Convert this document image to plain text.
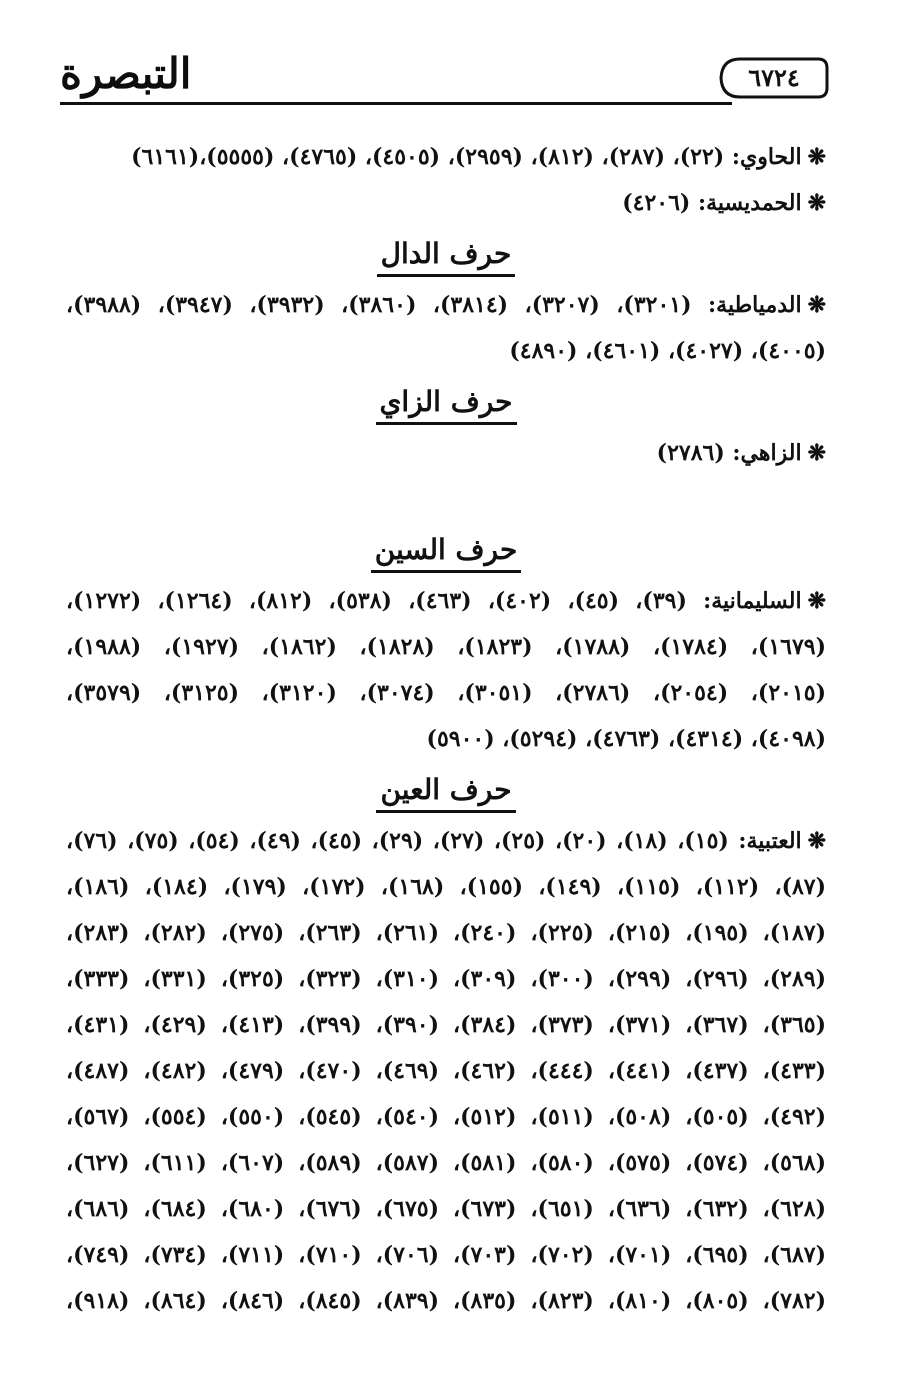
التبصرة	٦٧٢٤
❋الحاوي: (٢٢)، (٢٨٧)، (٨١٢)، (٢٩٥٩)، (٤٥٠٥)، (٤٧٦٥)، (٥٥٥٥)،(٦١٦١)
❋الحمديسية: (٤٢٠٦)
حرف الدال
❋الدمياطية: (٣٢٠١)، (٣٢٠٧)، (٣٨١٤)، (٣٨٦٠)، (٣٩٣٢)، (٣٩٤٧)، (٣٩٨٨)،
(٤٠٠٥)، (٤٠٢٧)، (٤٦٠١)، (٤٨٩٠)
حرف الزاي
❋الزاهي: (٢٧٨٦)
حرف السين
❋السليمانية: (٣٩)، (٤٥)، (٤٠٢)، (٤٦٣)، (٥٣٨)، (٨١٢)، (١٢٦٤)، (١٢٧٢)،
(١٦٧٩)، (١٧٨٤)، (١٧٨٨)، (١٨٢٣)، (١٨٢٨)، (١٨٦٢)، (١٩٢٧)، (١٩٨٨)،
(٢٠١٥)، (٢٠٥٤)، (٢٧٨٦)، (٣٠٥١)، (٣٠٧٤)، (٣١٢٠)، (٣١٢٥)، (٣٥٧٩)،
(٤٠٩٨)، (٤٣١٤)، (٤٧٦٣)، (٥٢٩٤)، (٥٩٠٠)
حرف العين
❋العتبية: (١٥)، (١٨)، (٢٠)، (٢٥)، (٢٧)، (٢٩)، (٤٥)، (٤٩)، (٥٤)، (٧٥)، (٧٦)،
(٨٧)، (١١٢)، (١١٥)، (١٤٩)، (١٥٥)، (١٦٨)، (١٧٢)، (١٧٩)، (١٨٤)، (١٨٦)،
(١٨٧)، (١٩٥)، (٢١٥)، (٢٢٥)، (٢٤٠)، (٢٦١)، (٢٦٣)، (٢٧٥)، (٢٨٢)، (٢٨٣)،
(٢٨٩)، (٢٩٦)، (٢٩٩)، (٣٠٠)، (٣٠٩)، (٣١٠)، (٣٢٣)، (٣٢٥)، (٣٣١)، (٣٣٣)،
(٣٦٥)، (٣٦٧)، (٣٧١)، (٣٧٣)، (٣٨٤)، (٣٩٠)، (٣٩٩)، (٤١٣)، (٤٢٩)، (٤٣١)،
(٤٣٣)، (٤٣٧)، (٤٤١)، (٤٤٤)، (٤٦٢)، (٤٦٩)، (٤٧٠)، (٤٧٩)، (٤٨٢)، (٤٨٧)،
(٤٩٢)، (٥٠٥)، (٥٠٨)، (٥١١)، (٥١٢)، (٥٤٠)، (٥٤٥)، (٥٥٠)، (٥٥٤)، (٥٦٧)،
(٥٦٨)، (٥٧٤)، (٥٧٥)، (٥٨٠)، (٥٨١)، (٥٨٧)، (٥٨٩)، (٦٠٧)، (٦١١)، (٦٢٧)،
(٦٢٨)، (٦٣٢)، (٦٣٦)، (٦٥١)، (٦٧٣)، (٦٧٥)، (٦٧٦)، (٦٨٠)، (٦٨٤)، (٦٨٦)،
(٦٨٧)، (٦٩٥)، (٧٠١)، (٧٠٢)، (٧٠٣)، (٧٠٦)، (٧١٠)، (٧١١)، (٧٣٤)، (٧٤٩)،
(٧٨٢)، (٨٠٥)، (٨١٠)، (٨٢٣)، (٨٣٥)، (٨٣٩)، (٨٤٥)، (٨٤٦)، (٨٦٤)، (٩١٨)،
